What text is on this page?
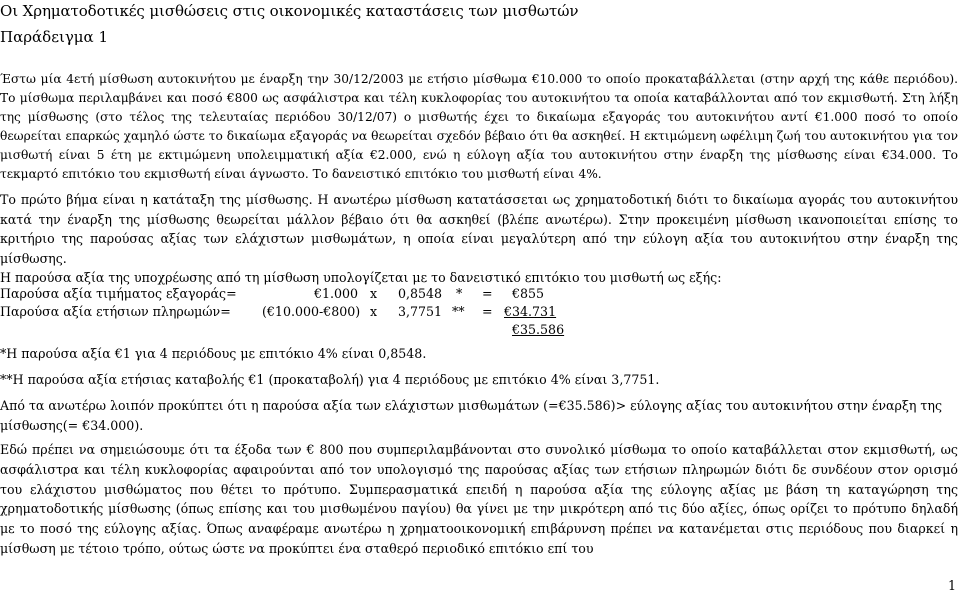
Οι Χρηματοδοτικές μισθώσεις στις οικονομικές καταστάσεις των μισθωτών
Παράδειγμα 1
Έστω μία 4ετή μίσθωση αυτοκινήτου με έναρξη την 30/12/2003 με ετήσιο μίσθωμα €10.000 το οποίο προκαταβάλλεται (στην αρχή της κάθε περιόδου). Το μίσθωμα περιλαμβάνει και ποσό €800 ως ασφάλιστρα και τέλη κυκλοφορίας του αυτοκινήτου τα οποία καταβάλλονται από τον εκμισθωτή. Στη λήξη της μίσθωσης (στο τέλος της τελευταίας περιόδου 30/12/07) ο μισθωτής έχει το δικαίωμα εξαγοράς του αυτοκινήτου αντί €1.000 ποσό το οποίο θεωρείται επαρκώς χαμηλό ώστε το δικαίωμα εξαγοράς να θεωρείται σχεδόν βέβαιο ότι θα ασκηθεί. Η εκτιμώμενη ωφέλιμη ζωή του αυτοκινήτου για τον μισθωτή είναι 5 έτη με εκτιμώμενη υπολειμματική αξία €2.000, ενώ η εύλογη αξία του αυτοκινήτου στην έναρξη της μίσθωσης είναι €34.000. Το τεκμαρτό επιτόκιο του εκμισθωτή είναι άγνωστο. Το δανειστικό επιτόκιο του μισθωτή είναι 4%.
Το πρώτο βήμα είναι η κατάταξη της μίσθωσης. Η ανωτέρω μίσθωση κατατάσσεται ως χρηματοδοτική διότι το δικαίωμα αγοράς του αυτοκινήτου κατά την έναρξη της μίσθωσης θεωρείται μάλλον βέβαιο ότι θα ασκηθεί (βλέπε ανωτέρω). Στην προκειμένη μίσθωση ικανοποιείται επίσης το κριτήριο της παρούσας αξίας των ελάχιστων μισθωμάτων, η οποία είναι μεγαλύτερη από την εύλογη αξία του αυτοκινήτου στην έναρξη της μίσθωσης.
Η παρούσα αξία της υποχρέωσης από τη μίσθωση υπολογίζεται με το δανειστικό επιτόκιο του μισθωτή ως εξής:
Παρούσα αξία τιμήματος εξαγοράς=	€1.000 x 0,8548 * = €855
Παρούσα αξία ετήσιων πληρωμών= (€10.000-€800) x 3,7751 ** = €34.731
€35.586
*Η παρούσα αξία €1 για 4 περιόδους με επιτόκιο 4% είναι 0,8548.
**Η παρούσα αξία ετήσιας καταβολής €1 (προκαταβολή) για 4 περιόδους με επιτόκιο 4% είναι 3,7751.
Από τα ανωτέρω λοιπόν προκύπτει ότι η παρούσα αξία των ελάχιστων μισθωμάτων (=€35.586)> εύλογης αξίας του αυτοκινήτου στην έναρξη της μίσθωσης(= €34.000).
Εδώ πρέπει να σημειώσουμε ότι τα έξοδα των € 800 που συμπεριλαμβάνονται στο συνολικό μίσθωμα το οποίο καταβάλλεται στον εκμισθωτή, ως ασφάλιστρα και τέλη κυκλοφορίας αφαιρούνται από τον υπολογισμό της παρούσας αξίας των ετήσιων πληρωμών διότι δε συνδέουν στον ορισμό του ελάχιστου μισθώματος που θέτει το πρότυπο. Συμπερασματικά επειδή η παρούσα αξία της εύλογης αξίας με βάση τη καταγώρηση της χρηματοδοτικής μίσθωσης (όπως επίσης και του μισθωμένου παγίου) θα γίνει με την μικρότερη από τις δύο αξίες, όπως ορίζει το πρότυπο δηλαδή με το ποσό της εύλογης αξίας. Όπως αναφέραμε ανωτέρω η χρηματοοικονομική επιβάρυνση πρέπει να κατανέμεται στις περιόδους που διαρκεί η μίσθωση με τέτοιο τρόπο, ούτως ώστε να προκύπτει ένα σταθερό περιοδικό επιτόκιο επί του
1
